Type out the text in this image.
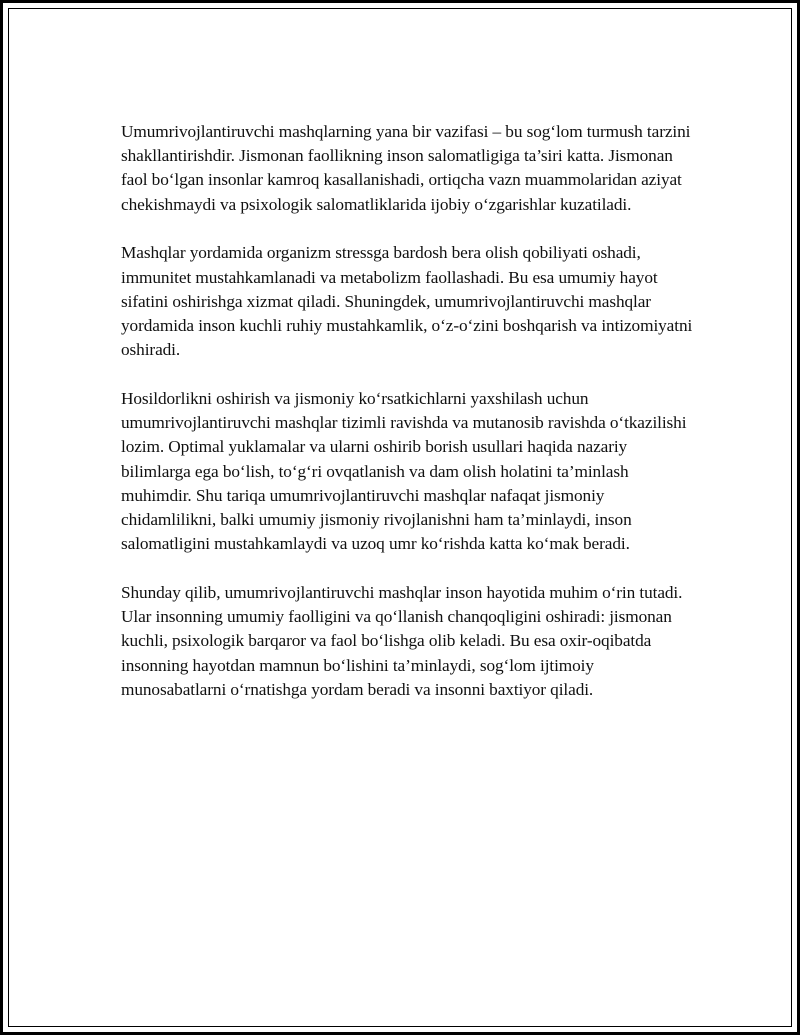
Umumrivojlantiruvchi mashqlarning yana bir vazifasi – bu sog‘lom turmush tarzini shakllantirishdir. Jismonan faollikning inson salomatligiga ta’siri katta. Jismonan faol bo‘lgan insonlar kamroq kasallanishadi, ortiqcha vazn muammolaridan aziyat chekishmaydi va psixologik salomatliklarida ijobiy o‘zgarishlar kuzatiladi.

Mashqlar yordamida organizm stressga bardosh bera olish qobiliyati oshadi, immunitet mustahkamlanadi va metabolizm faollashadi. Bu esa umumiy hayot sifatini oshirishga xizmat qiladi. Shuningdek, umumrivojlantiruvchi mashqlar yordamida inson kuchli ruhiy mustahkamlik, o‘z-o‘zini boshqarish va intizomiyatni oshiradi.

Hosildorlikni oshirish va jismoniy ko‘rsatkichlarni yaxshilash uchun umumrivojlantiruvchi mashqlar tizimli ravishda va mutanosib ravishda o‘tkazilishi lozim. Optimal yuklamalar va ularni oshirib borish usullari haqida nazariy bilimlarga ega bo‘lish, to‘g‘ri ovqatlanish va dam olish holatini ta’minlash muhimdir. Shu tariqa umumrivojlantiruvchi mashqlar nafaqat jismoniy chidamlilikni, balki umumiy jismoniy rivojlanishni ham ta’minlaydi, inson salomatligini mustahkamlaydi va uzoq umr ko‘rishda katta ko‘mak beradi.

Shunday qilib, umumrivojlantiruvchi mashqlar inson hayotida muhim o‘rin tutadi. Ular insonning umumiy faolligini va qo‘llanish chanqoqligini oshiradi: jismonan kuchli, psixologik barqaror va faol bo‘lishga olib keladi. Bu esa oxir-oqibatda insonning hayotdan mamnun bo‘lishini ta’minlaydi, sog‘lom ijtimoiy munosabatlarni o‘rnatishga yordam beradi va insonni baxtiyor qiladi.
